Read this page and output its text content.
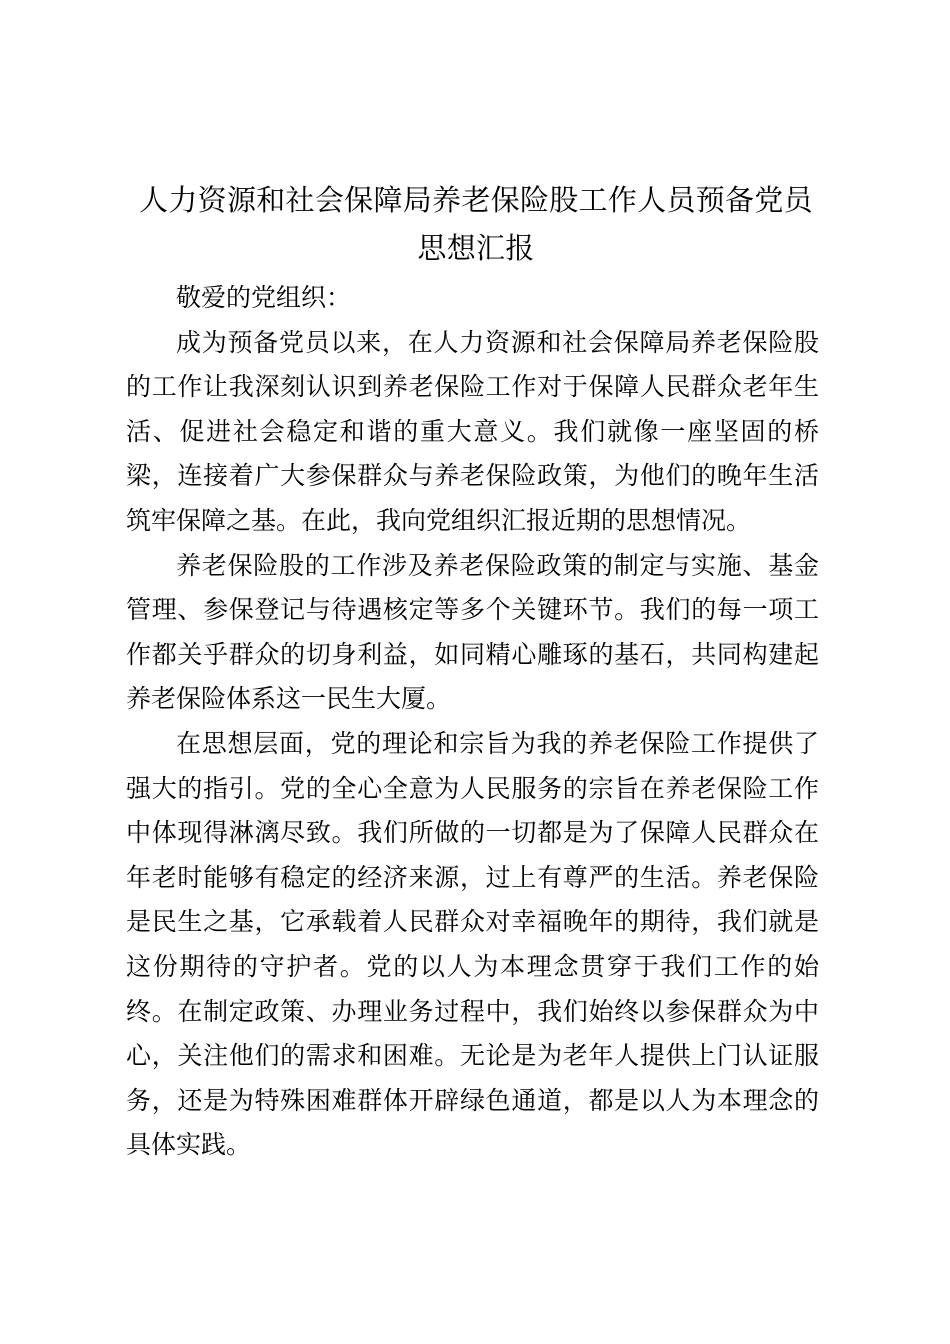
人力资源和社会保障局养老保险股工作人员预备党员思想汇报

敬爱的党组织：

成为预备党员以来，在人力资源和社会保障局养老保险股的工作让我深刻认识到养老保险工作对于保障人民群众老年生活、促进社会稳定和谐的重大意义。我们就像一座坚固的桥梁，连接着广大参保群众与养老保险政策，为他们的晚年生活筑牢保障之基。在此，我向党组织汇报近期的思想情况。

养老保险股的工作涉及养老保险政策的制定与实施、基金管理、参保登记与待遇核定等多个关键环节。我们的每一项工作都关乎群众的切身利益，如同精心雕琢的基石，共同构建起养老保险体系这一民生大厦。

在思想层面，党的理论和宗旨为我的养老保险工作提供了强大的指引。党的全心全意为人民服务的宗旨在养老保险工作中体现得淋漓尽致。我们所做的一切都是为了保障人民群众在年老时能够有稳定的经济来源，过上有尊严的生活。养老保险是民生之基，它承载着人民群众对幸福晚年的期待，我们就是这份期待的守护者。党的以人为本理念贯穿于我们工作的始终。在制定政策、办理业务过程中，我们始终以参保群众为中心，关注他们的需求和困难。无论是为老年人提供上门认证服务，还是为特殊困难群体开辟绿色通道，都是以人为本理念的具体实践。
